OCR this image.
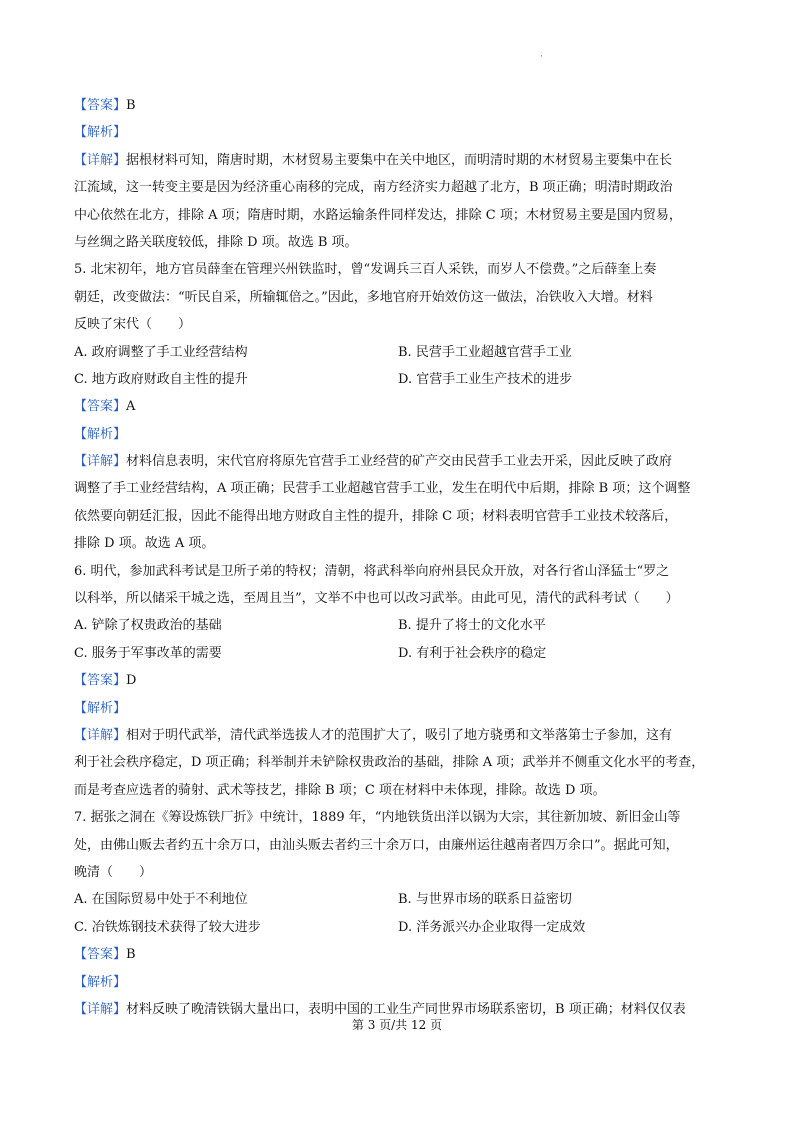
·
【答案】B
【解析】
【详解】据根材料可知，隋唐时期，木材贸易主要集中在关中地区，而明清时期的木材贸易主要集中在长
江流域，这一转变主要是因为经济重心南移的完成，南方经济实力超越了北方，B 项正确；明清时期政治
中心依然在北方，排除 A 项；隋唐时期，水路运输条件同样发达，排除 C 项；木材贸易主要是国内贸易，
与丝绸之路关联度较低，排除 D 项。故选 B 项。
5. 北宋初年，地方官员薛奎在管理兴州铁监时，曾“发调兵三百人采铁，而岁人不偿费。”之后薛奎上奏
朝廷，改变做法：“听民自采，所输辄倍之。”因此，多地官府开始效仿这一做法，冶铁收入大增。材料
反映了宋代（　　）
A. 政府调整了手工业经营结构	B. 民营手工业超越官营手工业
C. 地方政府财政自主性的提升	D. 官营手工业生产技术的进步
【答案】A
【解析】
【详解】材料信息表明，宋代官府将原先官营手工业经营的矿产交由民营手工业去开采，因此反映了政府
调整了手工业经营结构，A 项正确；民营手工业超越官营手工业，发生在明代中后期，排除 B 项；这个调整
依然要向朝廷汇报，因此不能得出地方财政自主性的提升，排除 C 项；材料表明官营手工业技术较落后，
排除 D 项。故选 A 项。
6. 明代，参加武科考试是卫所子弟的特权；清朝，将武科举向府州县民众开放，对各行省山泽猛士“罗之
以科举，所以储采干城之选，至周且当”，文举不中也可以改习武举。由此可见，清代的武科考试（　　）
A. 铲除了权贵政治的基础	B. 提升了将士的文化水平
C. 服务于军事改革的需要	D. 有利于社会秩序的稳定
【答案】D
【解析】
【详解】相对于明代武举，清代武举选拔人才的范围扩大了，吸引了地方骁勇和文举落第士子参加，这有
利于社会秩序稳定，D 项正确；科举制并未铲除权贵政治的基础，排除 A 项；武举并不侧重文化水平的考查，
而是考查应选者的骑射、武术等技艺，排除 B 项；C 项在材料中未体现，排除。故选 D 项。
7. 据张之洞在《筹设炼铁厂折》中统计，1889 年，“内地铁货出洋以锅为大宗，其往新加坡、新旧金山等
处，由佛山贩去者约五十余万口，由汕头贩去者约三十余万口，由廉州运往越南者四万余口”。据此可知，
晚清（　　）
A. 在国际贸易中处于不利地位	B. 与世界市场的联系日益密切
C. 冶铁炼钢技术获得了较大进步	D. 洋务派兴办企业取得一定成效
【答案】B
【解析】
【详解】材料反映了晚清铁锅大量出口，表明中国的工业生产同世界市场联系密切，B 项正确；材料仅仅表
第 3 页/共 12 页
